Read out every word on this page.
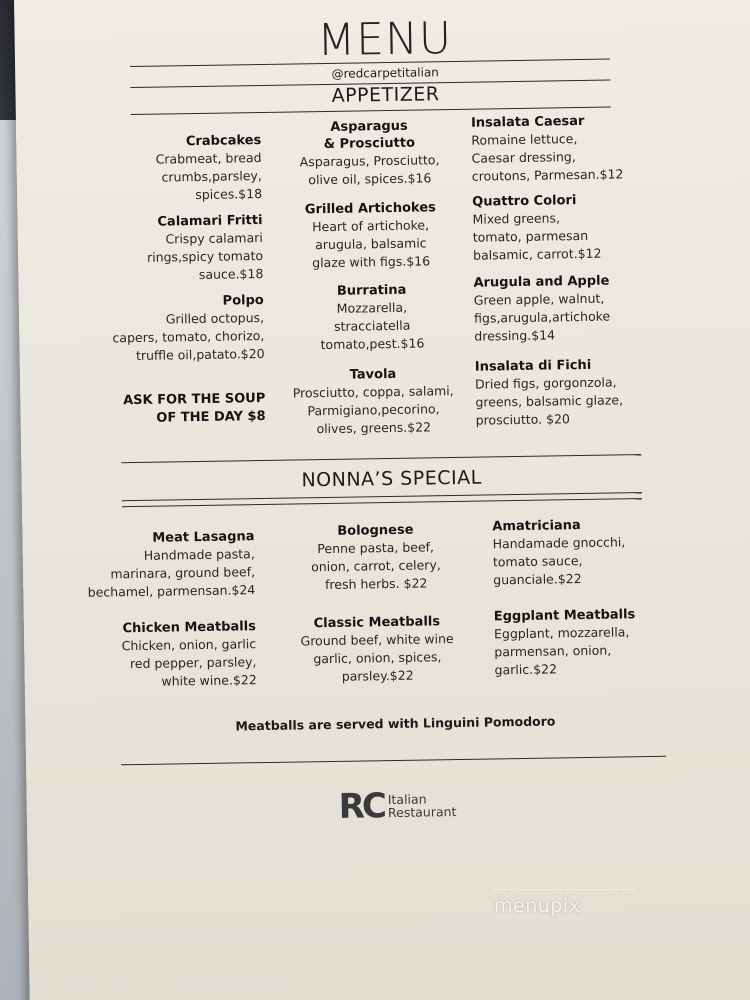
MENU
@redcarpetitalian
APPETIZER
Crabcakes
Crabmeat, bread
crumbs,parsley,
spices.$18
Asparagus
& Prosciutto
Asparagus, Prosciutto,
olive oil, spices.$16
Insalata Caesar
Romaine lettuce,
Caesar dressing,
croutons, Parmesan.$12
Calamari Fritti
Crispy calamari
rings,spicy tomato
sauce.$18
Grilled Artichokes
Heart of artichoke,
arugula, balsamic
glaze with figs.$16
Quattro Colori
Mixed greens,
tomato, parmesan
balsamic, carrot.$12
Polpo
Grilled octopus,
capers, tomato, chorizo,
truffle oil,patato.$20
Burratina
Mozzarella,
stracciatella
tomato,pest.$16
Arugula and Apple
Green apple, walnut,
figs,arugula,artichoke
dressing.$14
ASK FOR THE SOUP
OF THE DAY $8
Tavola
Prosciutto, coppa, salami,
Parmigiano,pecorino,
olives, greens.$22
Insalata di Fichi
Dried figs, gorgonzola,
greens, balsamic glaze,
prosciutto. $20
NONNA’S SPECIAL
Meat Lasagna
Handmade pasta,
marinara, ground beef,
bechamel, parmensan.$24
Bolognese
Penne pasta, beef,
onion, carrot, celery,
fresh herbs. $22
Amatriciana
Handamade gnocchi,
tomato sauce,
guanciale.$22
Chicken Meatballs
Chicken, onion, garlic
red pepper, parsley,
white wine.$22
Classic Meatballs
Ground beef, white wine
garlic, onion, spices,
parsley.$22
Eggplant Meatballs
Eggplant, mozzarella,
parmensan, onion,
garlic.$22
Meatballs are served with Linguini Pomodoro
RC Italian
Restaurant
menupix
